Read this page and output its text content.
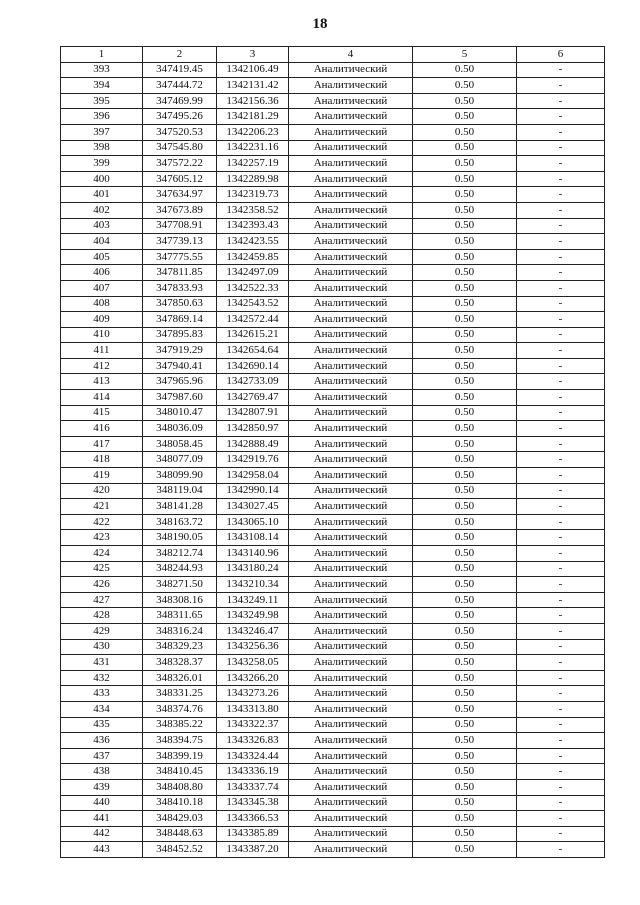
18
1	2	3	4	5	6
393	347419.45	1342106.49	Аналитический	0.50	-
394	347444.72	1342131.42	Аналитический	0.50	-
395	347469.99	1342156.36	Аналитический	0.50	-
396	347495.26	1342181.29	Аналитический	0.50	-
397	347520.53	1342206.23	Аналитический	0.50	-
398	347545.80	1342231.16	Аналитический	0.50	-
399	347572.22	1342257.19	Аналитический	0.50	-
400	347605.12	1342289.98	Аналитический	0.50	-
401	347634.97	1342319.73	Аналитический	0.50	-
402	347673.89	1342358.52	Аналитический	0.50	-
403	347708.91	1342393.43	Аналитический	0.50	-
404	347739.13	1342423.55	Аналитический	0.50	-
405	347775.55	1342459.85	Аналитический	0.50	-
406	347811.85	1342497.09	Аналитический	0.50	-
407	347833.93	1342522.33	Аналитический	0.50	-
408	347850.63	1342543.52	Аналитический	0.50	-
409	347869.14	1342572.44	Аналитический	0.50	-
410	347895.83	1342615.21	Аналитический	0.50	-
411	347919.29	1342654.64	Аналитический	0.50	-
412	347940.41	1342690.14	Аналитический	0.50	-
413	347965.96	1342733.09	Аналитический	0.50	-
414	347987.60	1342769.47	Аналитический	0.50	-
415	348010.47	1342807.91	Аналитический	0.50	-
416	348036.09	1342850.97	Аналитический	0.50	-
417	348058.45	1342888.49	Аналитический	0.50	-
418	348077.09	1342919.76	Аналитический	0.50	-
419	348099.90	1342958.04	Аналитический	0.50	-
420	348119.04	1342990.14	Аналитический	0.50	-
421	348141.28	1343027.45	Аналитический	0.50	-
422	348163.72	1343065.10	Аналитический	0.50	-
423	348190.05	1343108.14	Аналитический	0.50	-
424	348212.74	1343140.96	Аналитический	0.50	-
425	348244.93	1343180.24	Аналитический	0.50	-
426	348271.50	1343210.34	Аналитический	0.50	-
427	348308.16	1343249.11	Аналитический	0.50	-
428	348311.65	1343249.98	Аналитический	0.50	-
429	348316.24	1343246.47	Аналитический	0.50	-
430	348329.23	1343256.36	Аналитический	0.50	-
431	348328.37	1343258.05	Аналитический	0.50	-
432	348326.01	1343266.20	Аналитический	0.50	-
433	348331.25	1343273.26	Аналитический	0.50	-
434	348374.76	1343313.80	Аналитический	0.50	-
435	348385.22	1343322.37	Аналитический	0.50	-
436	348394.75	1343326.83	Аналитический	0.50	-
437	348399.19	1343324.44	Аналитический	0.50	-
438	348410.45	1343336.19	Аналитический	0.50	-
439	348408.80	1343337.74	Аналитический	0.50	-
440	348410.18	1343345.38	Аналитический	0.50	-
441	348429.03	1343366.53	Аналитический	0.50	-
442	348448.63	1343385.89	Аналитический	0.50	-
443	348452.52	1343387.20	Аналитический	0.50	-
